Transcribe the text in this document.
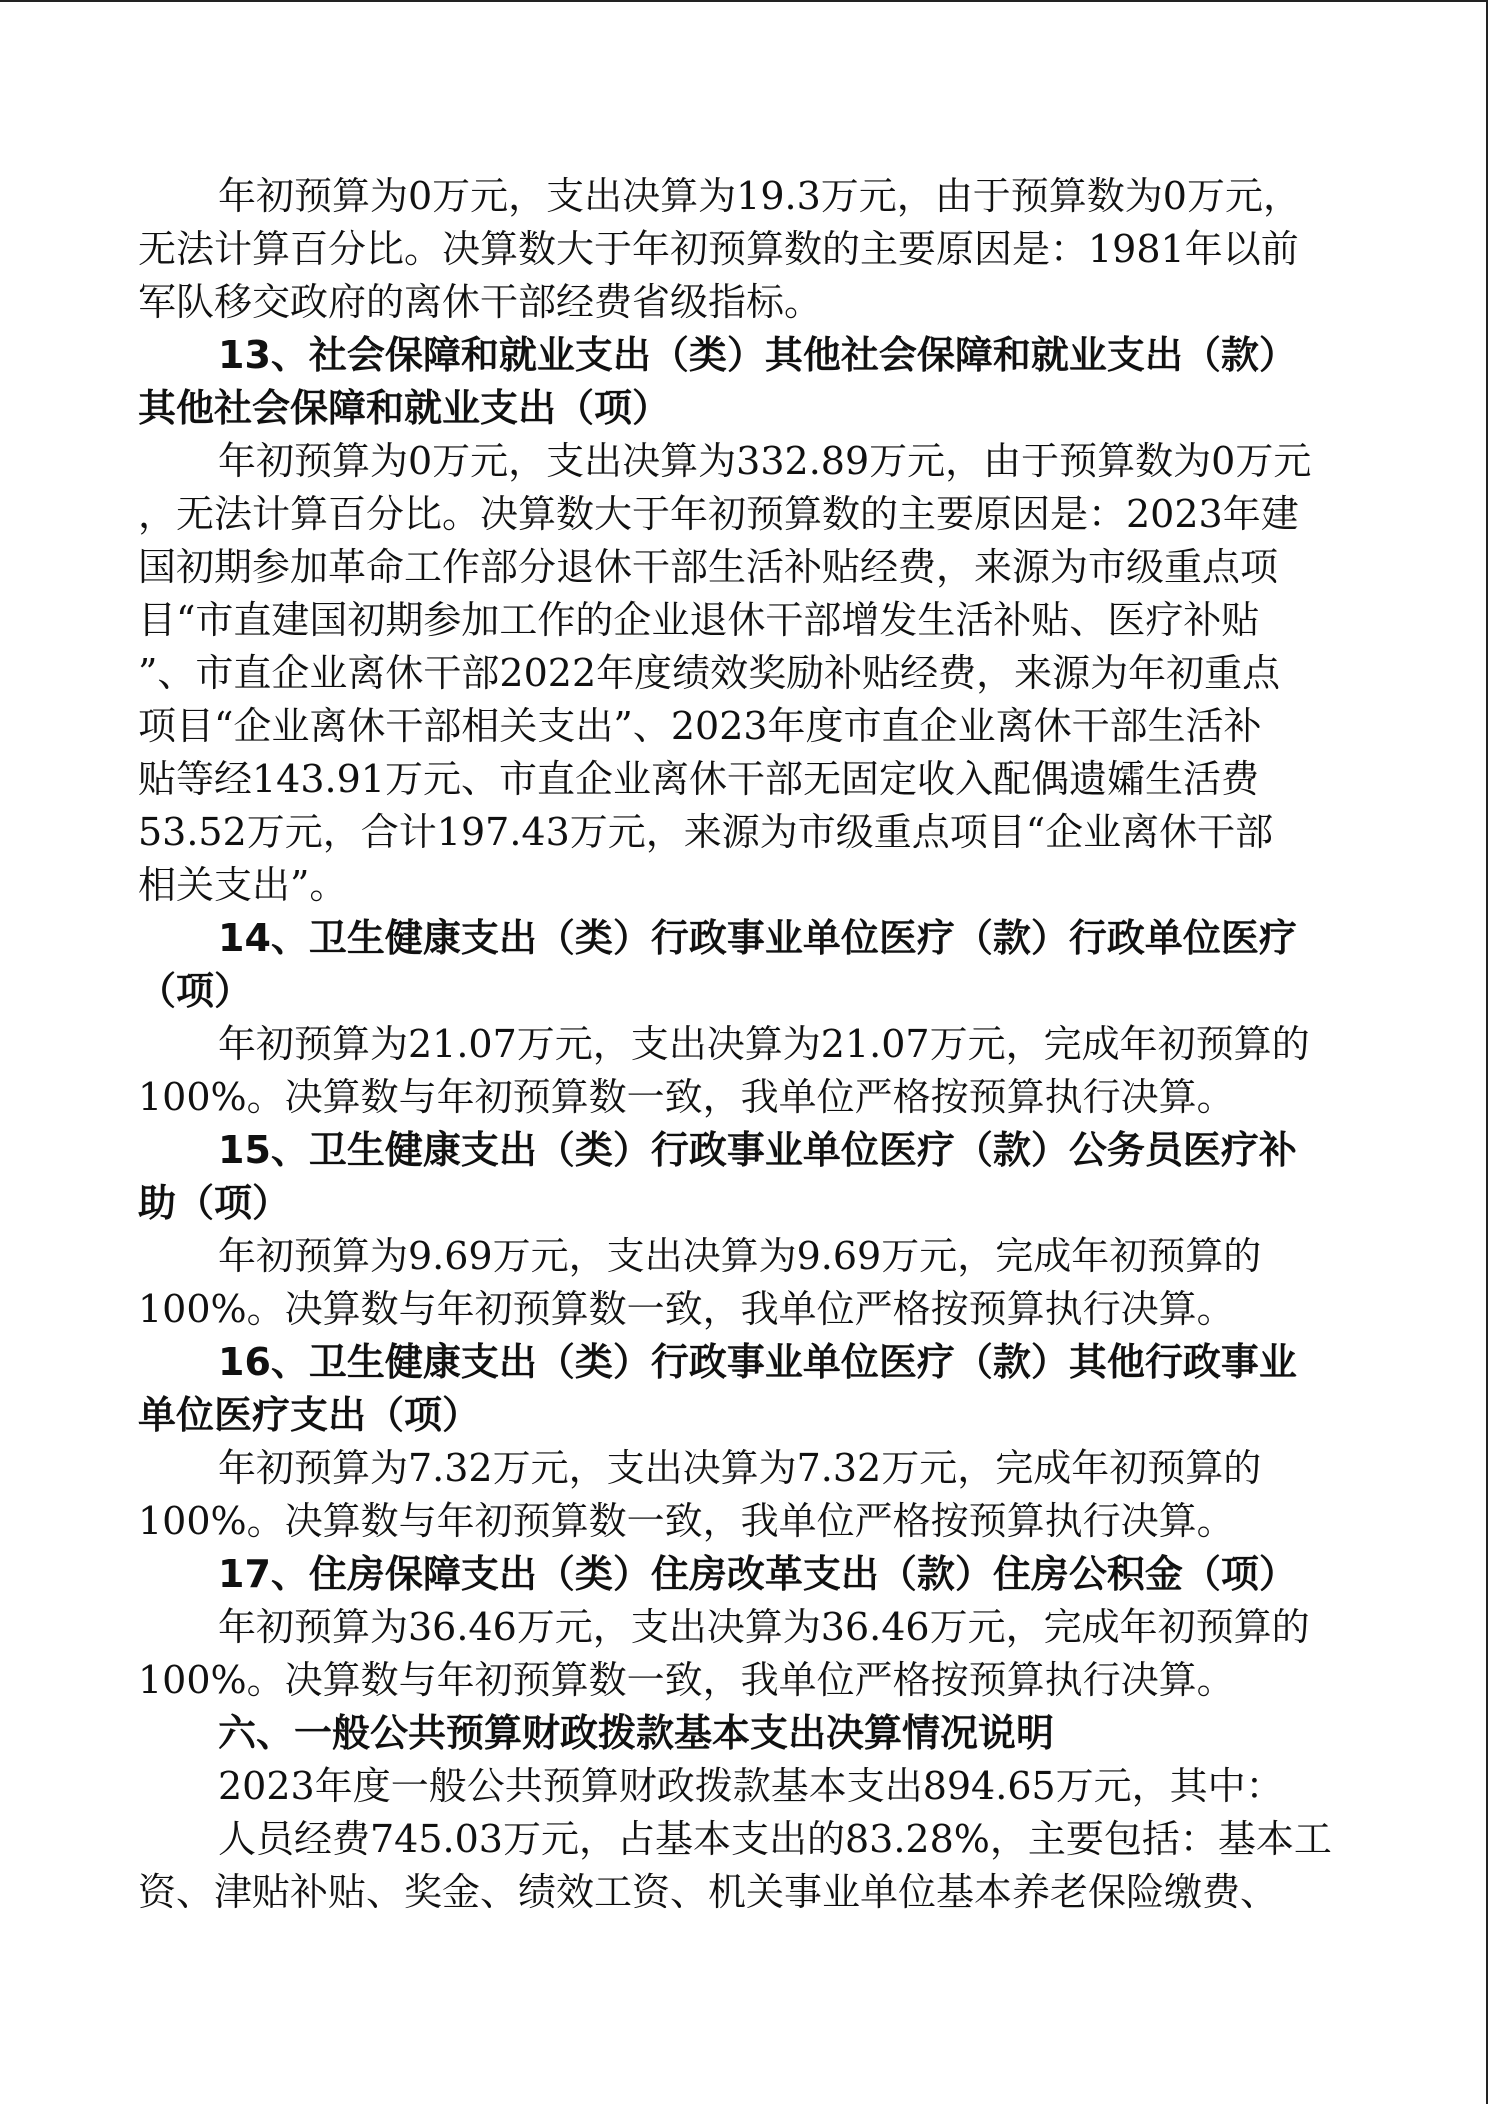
年初预算为0万元，支出决算为19.3万元，由于预算数为0万元，
无法计算百分比。决算数大于年初预算数的主要原因是：1981年以前
军队移交政府的离休干部经费省级指标。
13、社会保障和就业支出（类）其他社会保障和就业支出（款）
其他社会保障和就业支出（项）
年初预算为0万元，支出决算为332.89万元，由于预算数为0万元
，无法计算百分比。决算数大于年初预算数的主要原因是：2023年建
国初期参加革命工作部分退休干部生活补贴经费，来源为市级重点项
目“市直建国初期参加工作的企业退休干部增发生活补贴、医疗补贴
”、市直企业离休干部2022年度绩效奖励补贴经费，来源为年初重点
项目“企业离休干部相关支出”、2023年度市直企业离休干部生活补
贴等经143.91万元、市直企业离休干部无固定收入配偶遗孀生活费
53.52万元，合计197.43万元，来源为市级重点项目“企业离休干部
相关支出”。
14、卫生健康支出（类）行政事业单位医疗（款）行政单位医疗
（项）
年初预算为21.07万元，支出决算为21.07万元，完成年初预算的
100%。决算数与年初预算数一致，我单位严格按预算执行决算。
15、卫生健康支出（类）行政事业单位医疗（款）公务员医疗补
助（项）
年初预算为9.69万元，支出决算为9.69万元，完成年初预算的
100%。决算数与年初预算数一致，我单位严格按预算执行决算。
16、卫生健康支出（类）行政事业单位医疗（款）其他行政事业
单位医疗支出（项）
年初预算为7.32万元，支出决算为7.32万元，完成年初预算的
100%。决算数与年初预算数一致，我单位严格按预算执行决算。
17、住房保障支出（类）住房改革支出（款）住房公积金（项）
年初预算为36.46万元，支出决算为36.46万元，完成年初预算的
100%。决算数与年初预算数一致，我单位严格按预算执行决算。
六、一般公共预算财政拨款基本支出决算情况说明
2023年度一般公共预算财政拨款基本支出894.65万元，其中：
人员经费745.03万元，占基本支出的83.28%，主要包括：基本工
资、津贴补贴、奖金、绩效工资、机关事业单位基本养老保险缴费、
